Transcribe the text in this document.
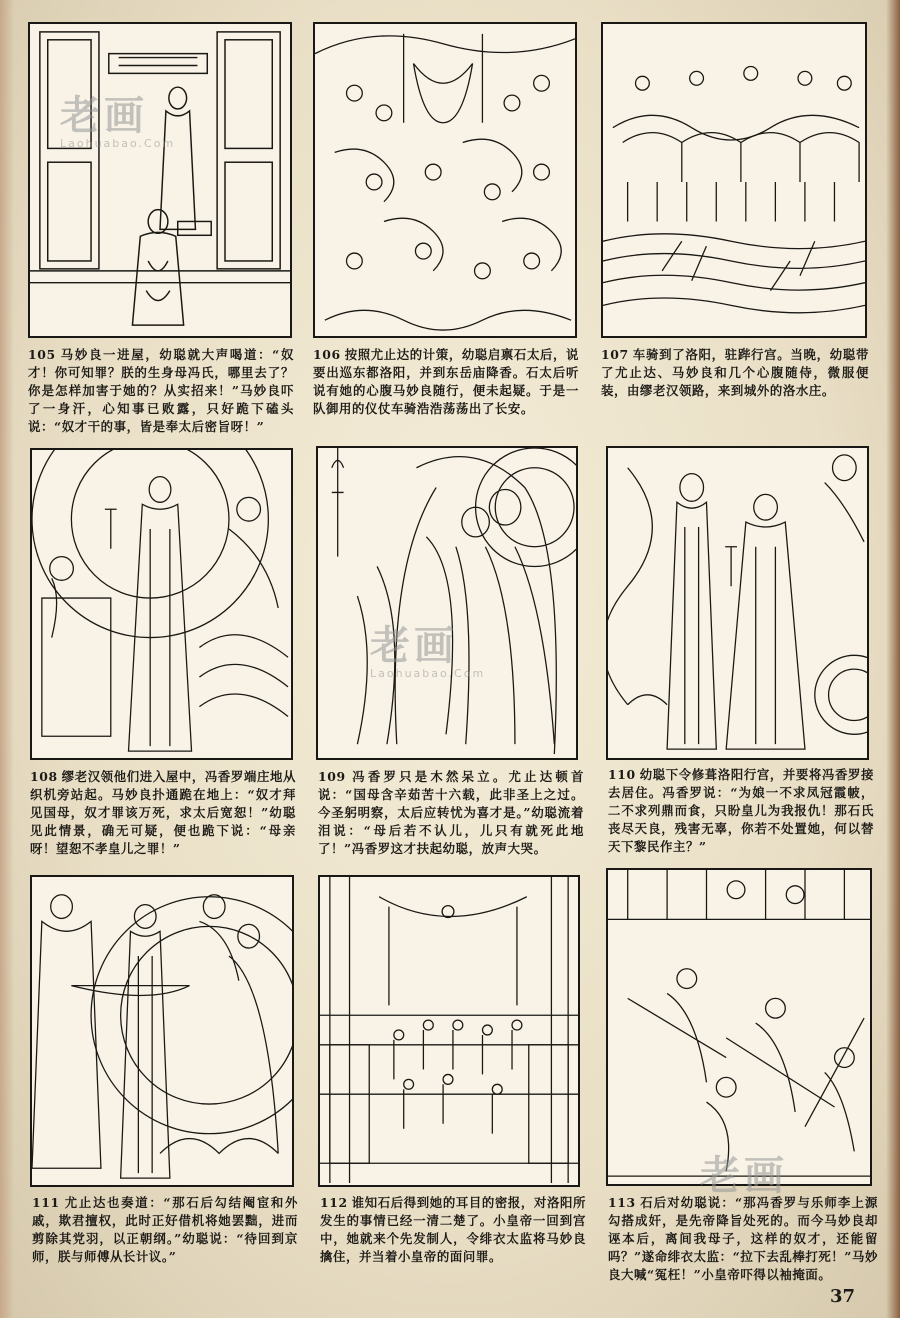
105 马妙良一进屋，幼聪就大声喝道：“奴才！你可知罪？朕的生身母冯氏，哪里去了？你是怎样加害于她的？从实招来！”马妙良吓了一身汗，心知事已败露，只好跪下磕头说：“奴才干的事，皆是奉太后密旨呀！”
106 按照尤止达的计策，幼聪启禀石太后，说要出巡东都洛阳，并到东岳庙降香。石太后听说有她的心腹马妙良随行，便未起疑。于是一队御用的仪仗车骑浩浩荡荡出了长安。
107 车骑到了洛阳，驻跸行宫。当晚，幼聪带了尤止达、马妙良和几个心腹随侍，微服便装，由缪老汉领路，来到城外的洛水庄。
108 缪老汉领他们进入屋中，冯香罗端庄地从织机旁站起。马妙良扑通跪在地上：“奴才拜见国母，奴才罪该万死，求太后宽恕！”幼聪见此情景，确无可疑，便也跪下说：“母亲呀！望恕不孝皇儿之罪！”
109 冯香罗只是木然呆立。尤止达顿首说：“国母含辛茹苦十六载，此非圣上之过。今圣躬明察，太后应转忧为喜才是。”幼聪流着泪说：“母后若不认儿，儿只有就死此地了！”冯香罗这才扶起幼聪，放声大哭。
110 幼聪下令修葺洛阳行宫，并要将冯香罗接去居住。冯香罗说：“为娘一不求凤冠霞帔，二不求列鼎而食，只盼皇儿为我报仇！那石氏丧尽天良，残害无辜，你若不处置她，何以替天下黎民作主？”
111 尤止达也奏道：“那石后勾结阉宦和外戚，欺君擅权，此时正好借机将她罢黜，进而剪除其党羽，以正朝纲。”幼聪说：“待回到京师，朕与师傅从长计议。”
112 谁知石后得到她的耳目的密报，对洛阳所发生的事情已经一清二楚了。小皇帝一回到宫中，她就来个先发制人，令绯衣太监将马妙良擒住，并当着小皇帝的面问罪。
113 石后对幼聪说：“那冯香罗与乐师李上源勾搭成奸，是先帝降旨处死的。而今马妙良却诬本后，离间我母子，这样的奴才，还能留吗？”遂命绯衣太监：“拉下去乱棒打死！”马妙良大喊“冤枉！”小皇帝吓得以袖掩面。
老画
Laohuabao.Com
老画
Laohuabao.Com
老画
37
